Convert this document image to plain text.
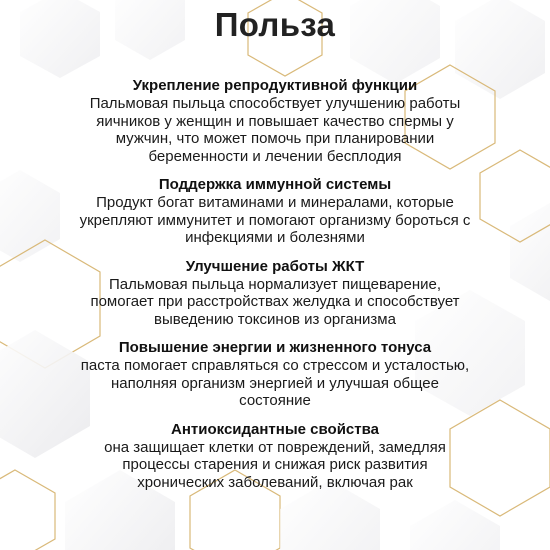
Польза

Укрепление репродуктивной функции

Пальмовая пыльца способствует улучшению работы
яичников у женщин и повышает качество спермы у
мужчин, что может помочь при планировании
беременности и лечении бесплодия

Поддержка иммунной системы

Продукт богат витаминами и минералами, которые
укрепляют иммунитет и помогают организму бороться с
инфекциями и болезнями

Улучшение работы ЖКТ

Пальмовая пыльца нормализует пищеварение,
помогает при расстройствах желудка и способствует
выведению токсинов из организма

Повышение энергии и жизненного тонуса

паста помогает справляться со стрессом и усталостью,
наполняя организм энергией и улучшая общее
состояние

Антиоксидантные свойства

она защищает клетки от повреждений, замедляя
процессы старения и снижая риск развития
хронических заболеваний, включая рак
